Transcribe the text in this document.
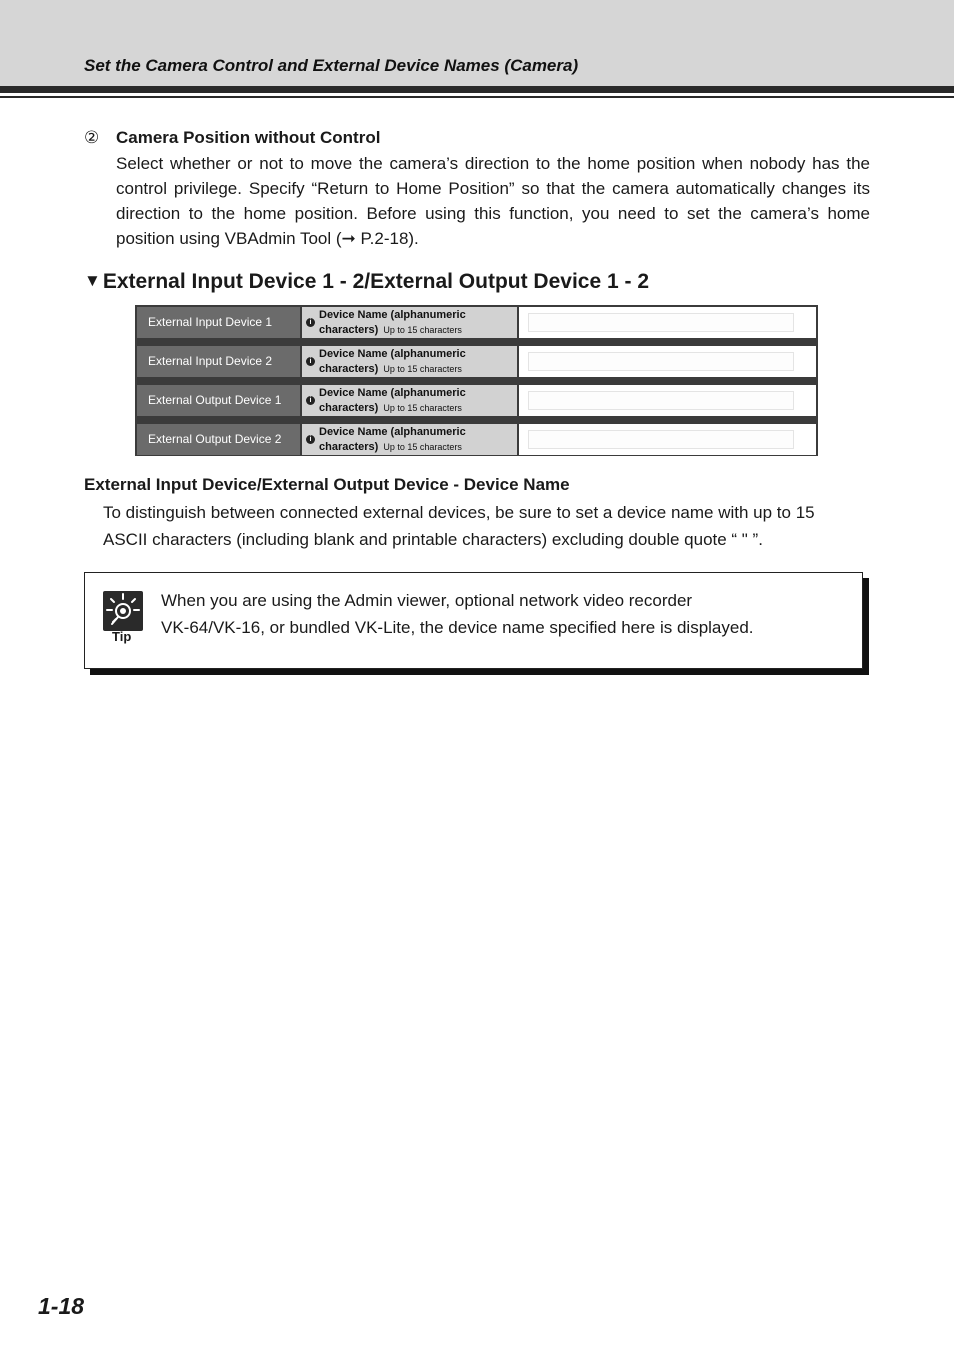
Set the Camera Control and External Device Names (Camera)
② Camera Position without Control
Select whether or not to move the camera’s direction to the home position when nobody has the control privilege. Specify “Return to Home Position” so that the camera automatically changes its direction to the home position. Before using this function, you need to set the camera’s home position using VBAdmin Tool (➞ P.2-18).
▼External Input Device 1 - 2/External Output Device 1 - 2
External Input Device 1	i
Device Name (alphanumeric
characters) Up to 15 characters
External Input Device 2	i
Device Name (alphanumeric
characters) Up to 15 characters
External Output Device 1	i
Device Name (alphanumeric
characters) Up to 15 characters
External Output Device 2	i
Device Name (alphanumeric
characters) Up to 15 characters
External Input Device/External Output Device - Device Name
To distinguish between connected external devices, be sure to set a device name with up to 15
ASCII characters (including blank and printable characters) excluding double quote “ " ”.
Tip
When you are using the Admin viewer, optional network video recorder
VK-64/VK-16, or bundled VK-Lite, the device name specified here is displayed.
1-18
